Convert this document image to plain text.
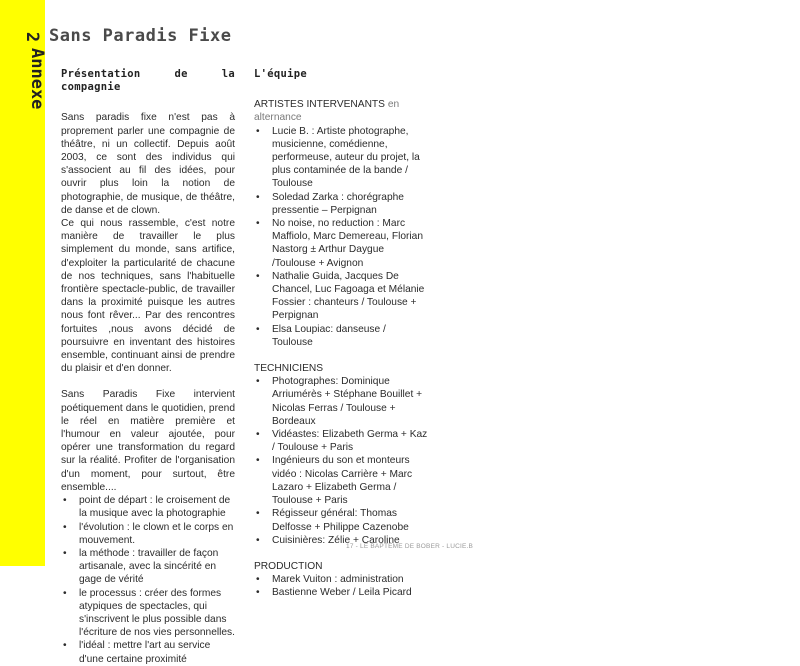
Annexe
2 Sans Paradis Fixe
Présentation de la compagnie

Sans paradis fixe n'est pas à proprement parler une compagnie de théâtre, ni un collectif. Depuis août 2003, ce sont des individus qui s'associent au fil des idées, pour ouvrir plus loin la notion de photographie, de musique, de théâtre, de danse et de clown.

Ce qui nous rassemble, c'est notre manière de travailler le plus simplement du monde, sans artifice, d'exploiter la particularité de chacune de nos techniques, sans l'habituelle frontière spectacle-public, de travailler dans la proximité puisque les autres nous font rêver... Par des rencontres fortuites ,nous avons décidé de poursuivre en inventant des histoires ensemble, continuant ainsi de prendre du plaisir et d'en donner.

Sans Paradis Fixe intervient poétiquement dans le quotidien, prend le réel en matière première et l'humour en valeur ajoutée, pour opérer une transformation du regard sur la réalité. Profiter de l'organisation d'un moment, pour surtout, être ensemble....

• point de départ : le croisement de la musique avec la photographie
• l'évolution : le clown et le corps en mouvement.
• la méthode : travailler de façon artisanale, avec la sincérité en gage de vérité
• le processus : créer des formes atypiques de spectacles, qui s'inscrivent le plus possible dans l'écriture de nos vies personnelles.
• l'idéal : mettre l'art au service d'une certaine proximité
L'équipe

ARTISTES INTERVENANTS en alternance

• Lucie B. : Artiste photographe, musicienne, comédienne, performeuse, auteur du projet, la plus contaminée de la bande / Toulouse
• Soledad Zarka : chorégraphe pressentie – Perpignan
• No noise, no reduction : Marc Maffiolo, Marc Demereau, Florian Nastorg ± Arthur Daygue /Toulouse + Avignon
• Nathalie Guida, Jacques De Chancel, Luc Fagoaga et Mélanie Fossier : chanteurs / Toulouse + Perpignan
• Elsa Loupiac: danseuse / Toulouse

TECHNICIENS

• Photographes: Dominique Arriumérès + Stéphane Bouillet + Nicolas Ferras / Toulouse + Bordeaux
• Vidéastes: Elizabeth Germa + Kaz / Toulouse + Paris
• Ingénieurs du son et monteurs vidéo : Nicolas Carrière + Marc Lazaro + Elizabeth Germa / Toulouse + Paris
• Régisseur général: Thomas Delfosse + Philippe Cazenobe
• Cuisinières: Zélie + Caroline

PRODUCTION

• Marek Vuiton : administration
• Bastienne Weber / Leila Picard
17 - LE BAPTÊME DE BOBER - LUCIE.B
